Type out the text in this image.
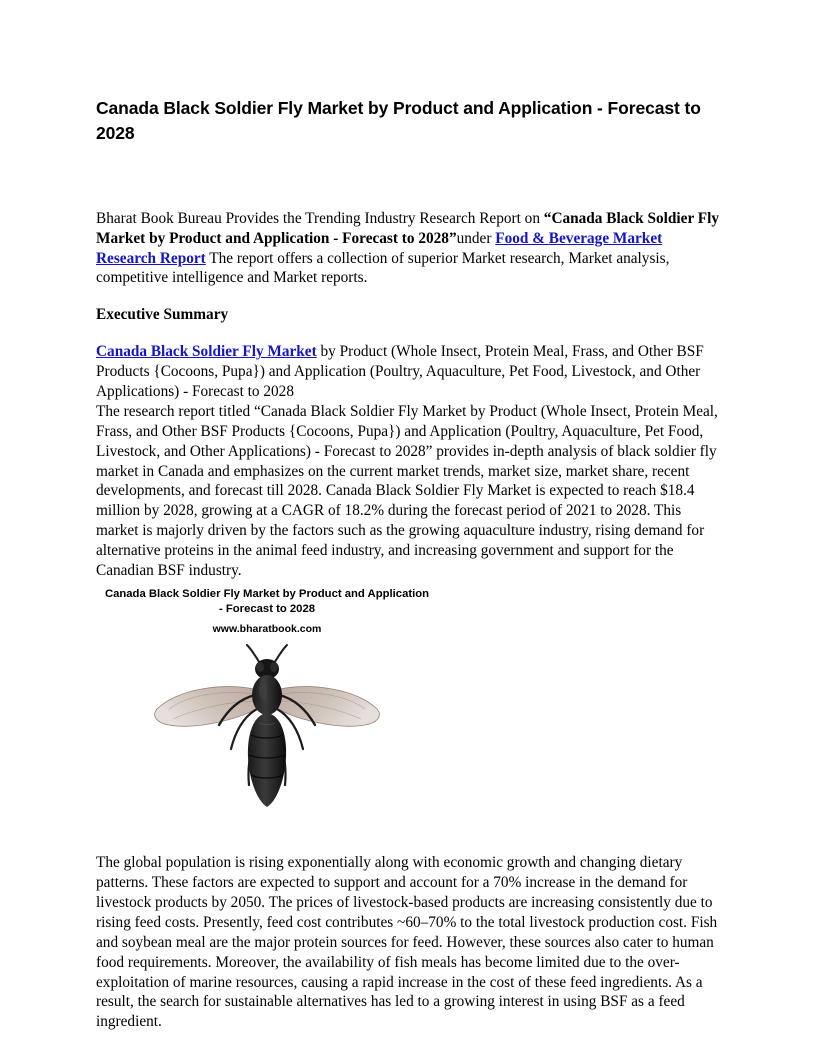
Canada Black Soldier Fly Market by Product and Application - Forecast to 2028

Bharat Book Bureau Provides the Trending Industry Research Report on “Canada Black Soldier Fly Market by Product and Application - Forecast to 2028”under Food & Beverage Market Research Report The report offers a collection of superior Market research, Market analysis, competitive intelligence and Market reports.

Executive Summary

Canada Black Soldier Fly Market by Product (Whole Insect, Protein Meal, Frass, and Other BSF Products {Cocoons, Pupa}) and Application (Poultry, Aquaculture, Pet Food, Livestock, and Other Applications) - Forecast to 2028

The research report titled “Canada Black Soldier Fly Market by Product (Whole Insect, Protein Meal, Frass, and Other BSF Products {Cocoons, Pupa}) and Application (Poultry, Aquaculture, Pet Food, Livestock, and Other Applications) - Forecast to 2028” provides in-depth analysis of black soldier fly market in Canada and emphasizes on the current market trends, market size, market share, recent developments, and forecast till 2028. Canada Black Soldier Fly Market is expected to reach $18.4 million by 2028, growing at a CAGR of 18.2% during the forecast period of 2021 to 2028. This market is majorly driven by the factors such as the growing aquaculture industry, rising demand for alternative proteins in the animal feed industry, and increasing government and support for the Canadian BSF industry.

Canada Black Soldier Fly Market by Product and Application - Forecast to 2028
www.bharatbook.com

The global population is rising exponentially along with economic growth and changing dietary patterns. These factors are expected to support and account for a 70% increase in the demand for livestock products by 2050. The prices of livestock-based products are increasing consistently due to rising feed costs. Presently, feed cost contributes ~60–70% to the total livestock production cost. Fish and soybean meal are the major protein sources for feed. However, these sources also cater to human food requirements. Moreover, the availability of fish meals has become limited due to the over-exploitation of marine resources, causing a rapid increase in the cost of these feed ingredients. As a result, the search for sustainable alternatives has led to a growing interest in using BSF as a feed ingredient.
